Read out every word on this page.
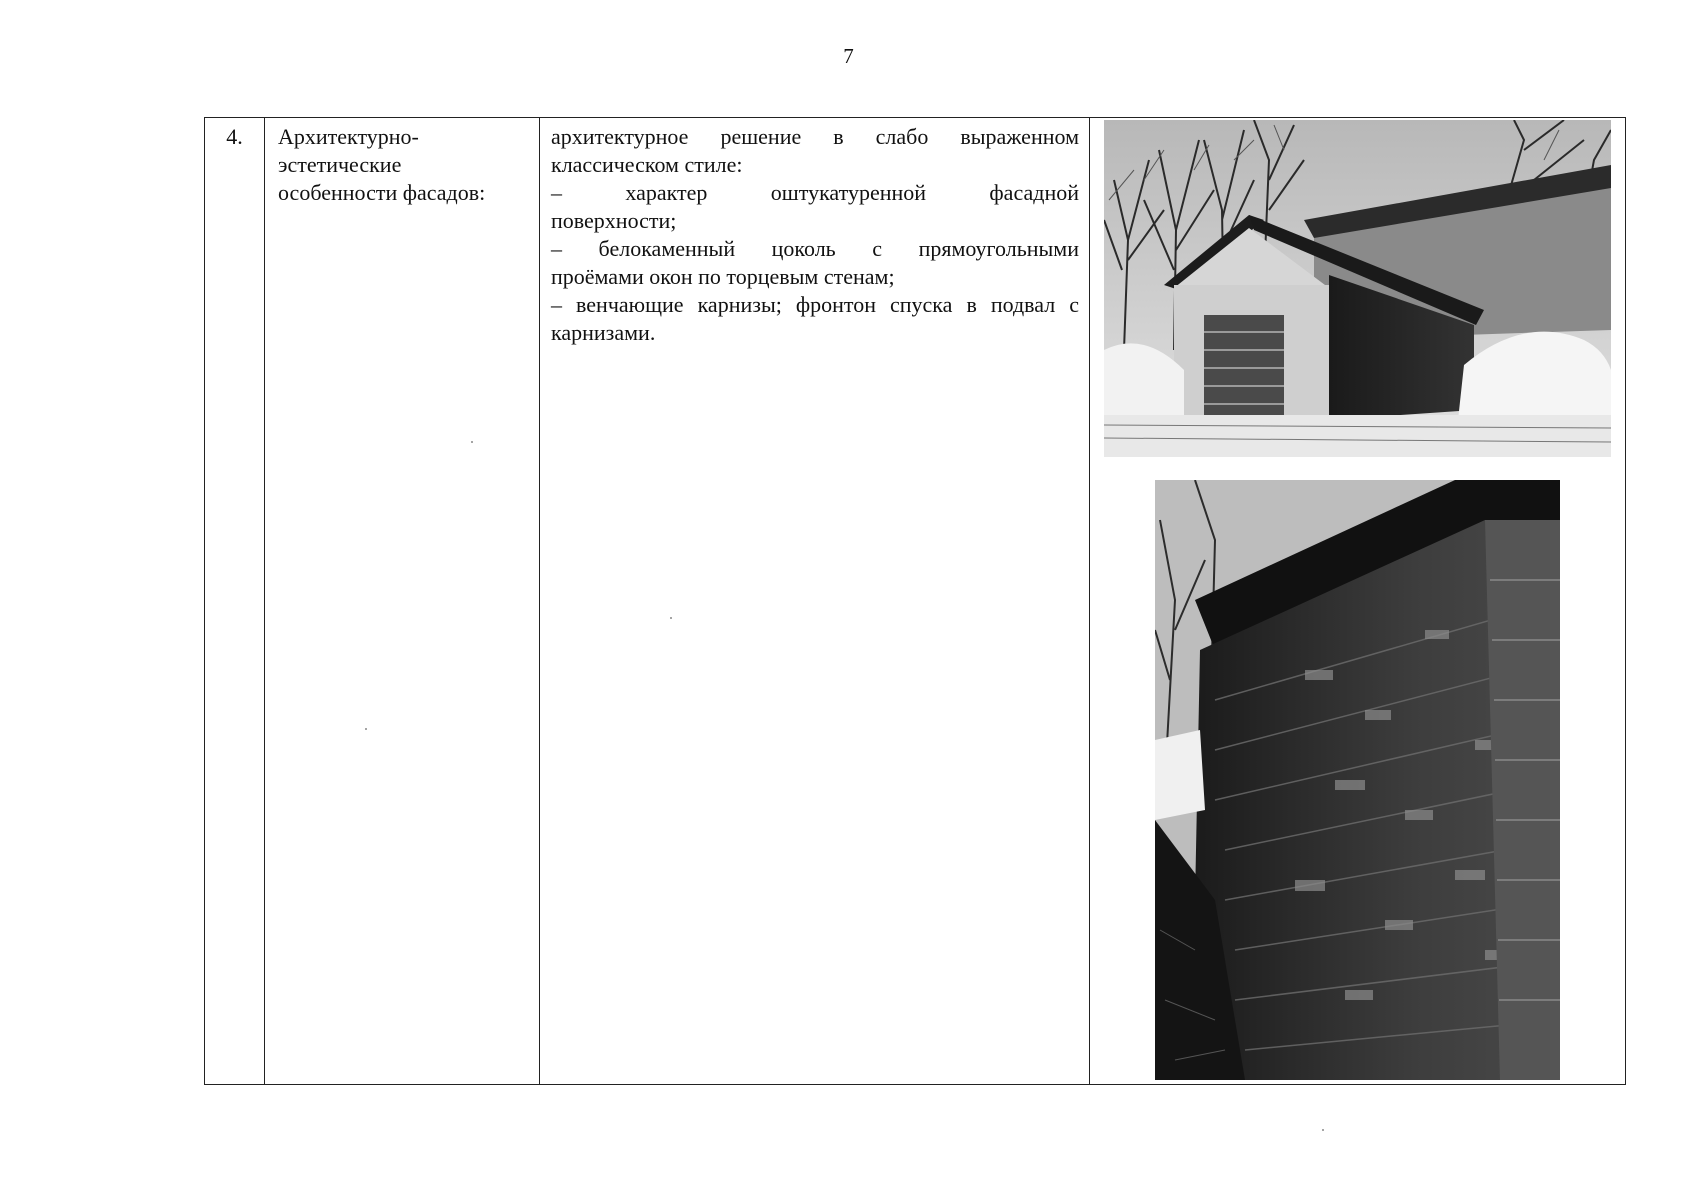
7
4.	Архитектурно-
эстетические
особенности фасадов:
архитектурное решение в слабо выраженном
классическом стиле:
– характер оштукатуренной фасадной
поверхности;
– белокаменный цоколь с прямоугольными
проёмами окон по торцевым стенам;
– венчающие карнизы; фронтон спуска в подвал с
карнизами.
